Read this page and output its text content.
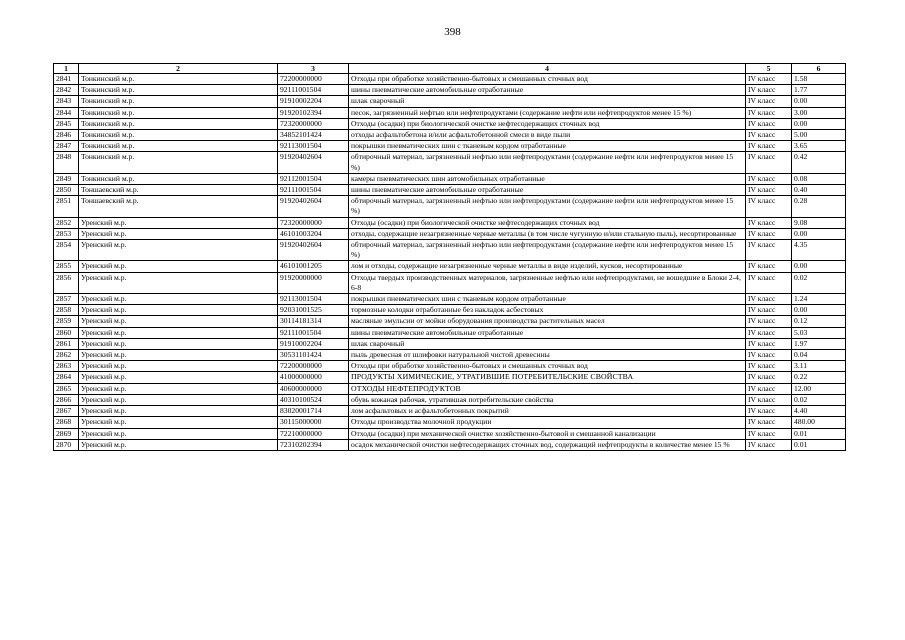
398
1	2	3	4	5	6
2841	Тонкинский м.р.	72200000000	Отходы при обработке хозяйственно-бытовых и смешанных сточных вод	IV класс	1.58
2842	Тонкинский м.р.	92111001504	шины пневматические автомобильные отработанные	IV класс	1.77
2843	Тонкинский м.р.	91910002204	шлак сварочный	IV класс	0.00
2844	Тонкинский м.р.	91920102394	песок, загрязненный нефтью или нефтепродуктами (содержание нефти или нефтепродуктов менее 15 %)	IV класс	3.00
2845	Тонкинский м.р.	72320000000	Отходы (осадки) при биологической очистке нефтесодержащих сточных вод	IV класс	0.00
2846	Тонкинский м.р.	34852101424	отходы асфальтобетона и/или асфальтобетонной смеси в виде пыли	IV класс	5.00
2847	Тонкинский м.р.	92113001504	покрышки пневматических шин с тканевым кордом отработанные	IV класс	3.65
2848	Тонкинский м.р.	91920402604	обтирочный материал, загрязненный нефтью или нефтепродуктами (содержание нефти или нефтепродуктов менее 15 %)	IV класс	0.42
2849	Тонкинский м.р.	92112001504	камеры пневматических шин автомобильных отработанные	IV класс	0.08
2850	Тоншаевский м.р.	92111001504	шины пневматические автомобильные отработанные	IV класс	0.40
2851	Тоншаевский м.р.	91920402604	обтирочный материал, загрязненный нефтью или нефтепродуктами (содержание нефти или нефтепродуктов менее 15 %)	IV класс	0.28
2852	Уренский м.р.	72320000000	Отходы (осадки) при биологической очистке нефтесодержащих сточных вод	IV класс	9.08
2853	Уренский м.р.	46101003204	отходы, содержащие незагрязненные черные металлы (в том числе чугунную и/или стальную пыль), несортированные	IV класс	0.00
2854	Уренский м.р.	91920402604	обтирочный материал, загрязненный нефтью или нефтепродуктами (содержание нефти или нефтепродуктов менее 15 %)	IV класс	4.35
2855	Уренский м.р.	46101001205	лом и отходы, содержащие незагрязненные черные металлы в виде изделий, кусков, несортированные	IV класс	0.00
2856	Уренский м.р.	91920000000	Отходы твердых производственных материалов, загрязненные нефтью или нефтепродуктами, не вошедшие в Блоки 2-4, 6-8	IV класс	0.02
2857	Уренский м.р.	92113001504	покрышки пневматических шин с тканевым кордом отработанные	IV класс	1.24
2858	Уренский м.р.	92031001525	тормозные колодки отработанные без накладок асбестовых	IV класс	0.00
2859	Уренский м.р.	30114181314	масляные эмульсии от мойки оборудования производства растительных масел	IV класс	0.12
2860	Уренский м.р.	92111001504	шины пневматические автомобильные отработанные	IV класс	5.03
2861	Уренский м.р.	91910002204	шлак сварочный	IV класс	1.97
2862	Уренский м.р.	30531101424	пыль древесная от шлифовки натуральной чистой древесины	IV класс	0.04
2863	Уренский м.р.	72200000000	Отходы при обработке хозяйственно-бытовых и смешанных сточных вод	IV класс	3.11
2864	Уренский м.р.	41000000000	ПРОДУКТЫ ХИМИЧЕСКИЕ, УТРАТИВШИЕ ПОТРЕБИТЕЛЬСКИЕ СВОЙСТВА	IV класс	0.22
2865	Уренский м.р.	40600000000	ОТХОДЫ НЕФТЕПРОДУКТОВ	IV класс	12.00
2866	Уренский м.р.	40310100524	обувь кожаная рабочая, утратившая потребительские свойства	IV класс	0.02
2867	Уренский м.р.	83020001714	лом асфальтовых и асфальтобетонных покрытий	IV класс	4.40
2868	Уренский м.р.	30115000000	Отходы производства молочной продукции	IV класс	480.00
2869	Уренский м.р.	72210000000	Отходы (осадки) при механической очистке хозяйственно-бытовой и смешанной канализации	IV класс	0.01
2870	Уренский м.р.	72310202394	осадок механической очистки нефтесодержащих сточных вод, содержащий нефтепродукты в количестве менее 15 %	IV класс	0.01
